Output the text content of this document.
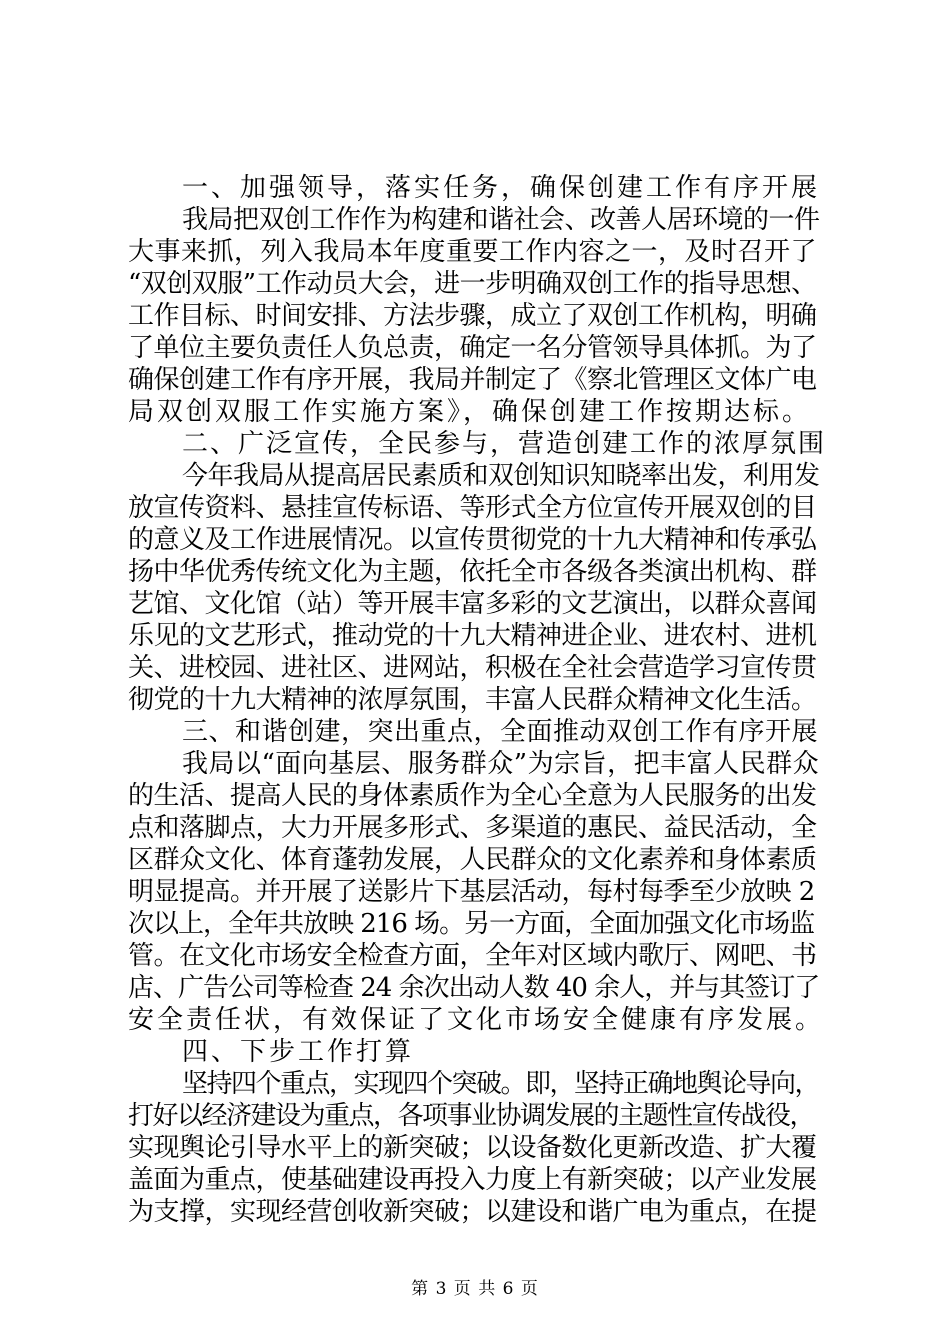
一、加强领导，落实任务，确保创建工作有序开展
我局把双创工作作为构建和谐社会、改善人居环境的一件
大事来抓，列入我局本年度重要工作内容之一，及时召开了
“双创双服”工作动员大会，进一步明确双创工作的指导思想、
工作目标、时间安排、方法步骤，成立了双创工作机构，明确
了单位主要负责任人负总责，确定一名分管领导具体抓。为了
确保创建工作有序开展，我局并制定了《察北管理区文体广电
局双创双服工作实施方案》，确保创建工作按期达标。
二、广泛宣传，全民参与，营造创建工作的浓厚氛围
今年我局从提高居民素质和双创知识知晓率出发，利用发
放宣传资料、悬挂宣传标语、等形式全方位宣传开展双创的目
的意义及工作进展情况。以宣传贯彻党的十九大精神和传承弘
扬中华优秀传统文化为主题，依托全市各级各类演出机构、群
艺馆、文化馆（站）等开展丰富多彩的文艺演出，以群众喜闻
乐见的文艺形式，推动党的十九大精神进企业、进农村、进机
关、进校园、进社区、进网站，积极在全社会营造学习宣传贯
彻党的十九大精神的浓厚氛围，丰富人民群众精神文化生活。
三、和谐创建，突出重点，全面推动双创工作有序开展
我局以“面向基层、服务群众”为宗旨，把丰富人民群众
的生活、提高人民的身体素质作为全心全意为人民服务的出发
点和落脚点，大力开展多形式、多渠道的惠民、益民活动，全
区群众文化、体育蓬勃发展，人民群众的文化素养和身体素质
明显提高。并开展了送影片下基层活动，每村每季至少放映 2
次以上，全年共放映 216 场。另一方面，全面加强文化市场监
管。在文化市场安全检查方面，全年对区域内歌厅、网吧、书
店、广告公司等检查 24 余次出动人数 40 余人，并与其签订了
安全责任状，有效保证了文化市场安全健康有序发展。
四、下步工作打算
坚持四个重点，实现四个突破。即，坚持正确地舆论导向，
打好以经济建设为重点，各项事业协调发展的主题性宣传战役，
实现舆论引导水平上的新突破；以设备数化更新改造、扩大覆
盖面为重点，使基础建设再投入力度上有新突破；以产业发展
为支撑，实现经营创收新突破；以建设和谐广电为重点，在提
第 3 页 共 6 页
